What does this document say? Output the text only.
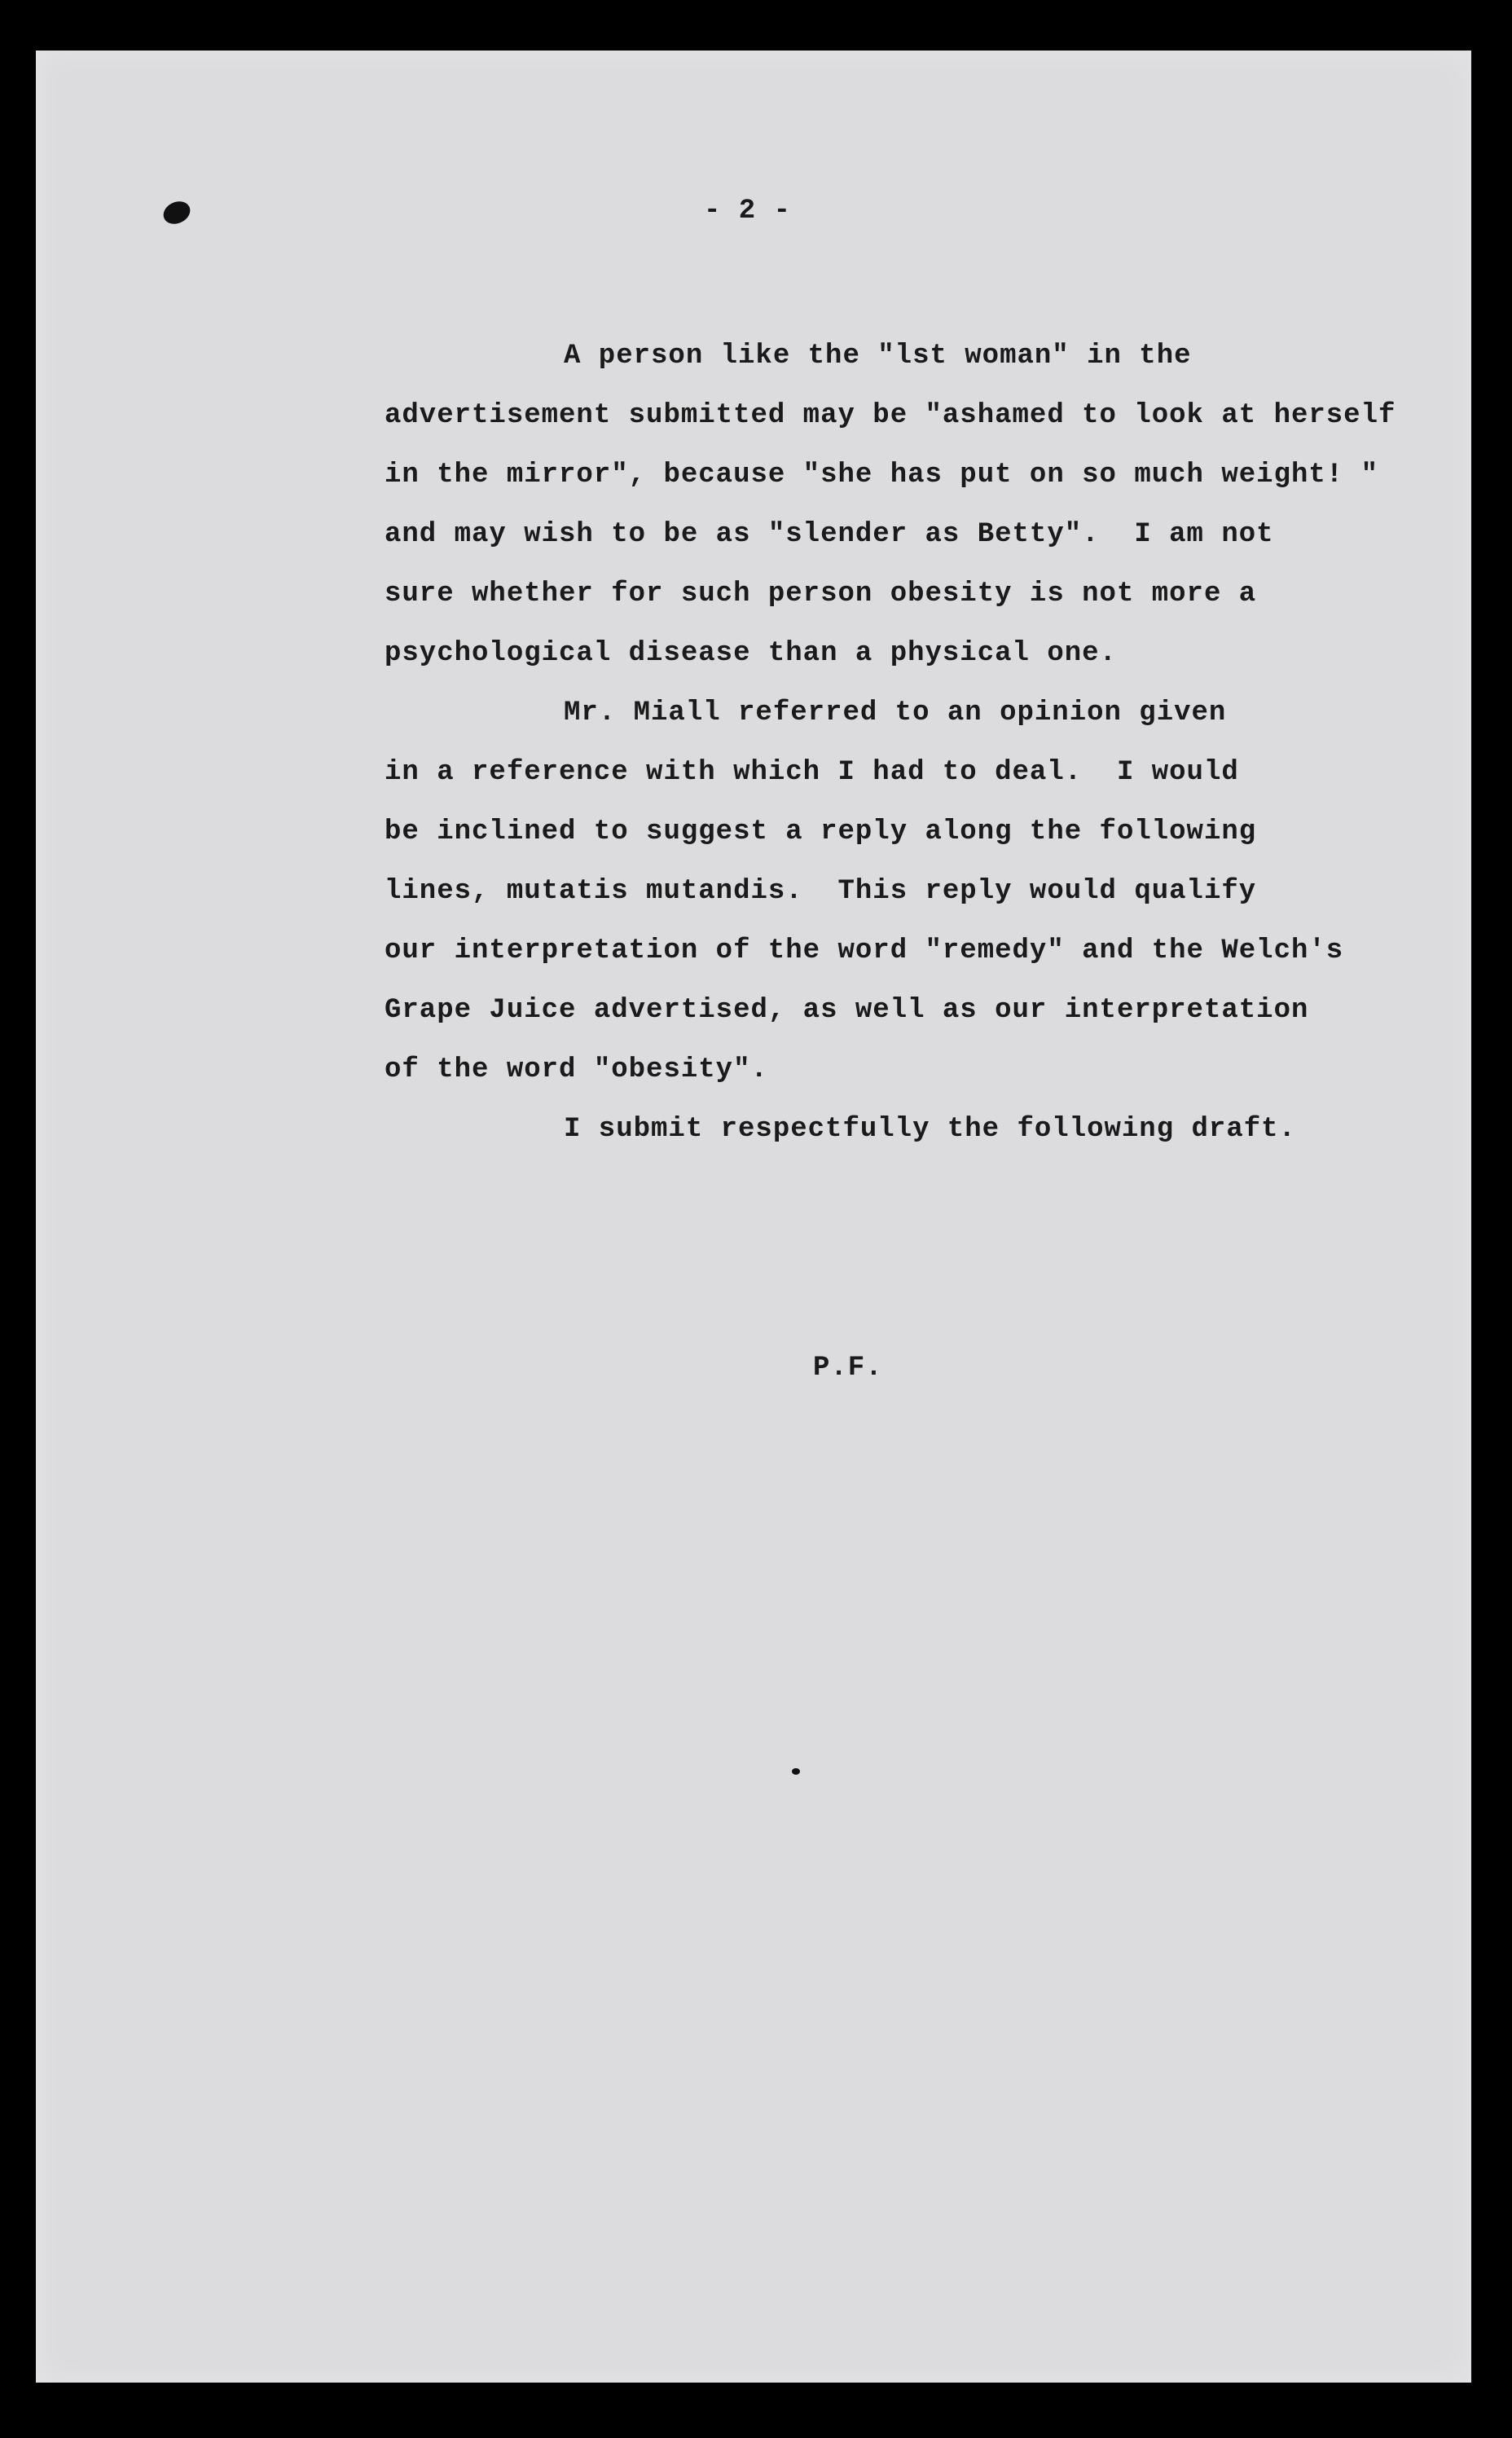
- 2 -
A person like the "lst woman" in the
advertisement submitted may be "ashamed to look at herself
in the mirror", because "she has put on so much weight! "
and may wish to be as "slender as Betty".  I am not
sure whether for such person obesity is not more a
psychological disease than a physical one.
Mr. Miall referred to an opinion given
in a reference with which I had to deal.  I would
be inclined to suggest a reply along the following
lines, mutatis mutandis.  This reply would qualify
our interpretation of the word "remedy" and the Welch's
Grape Juice advertised, as well as our interpretation
of the word "obesity".
I submit respectfully the following draft.
P.F.
